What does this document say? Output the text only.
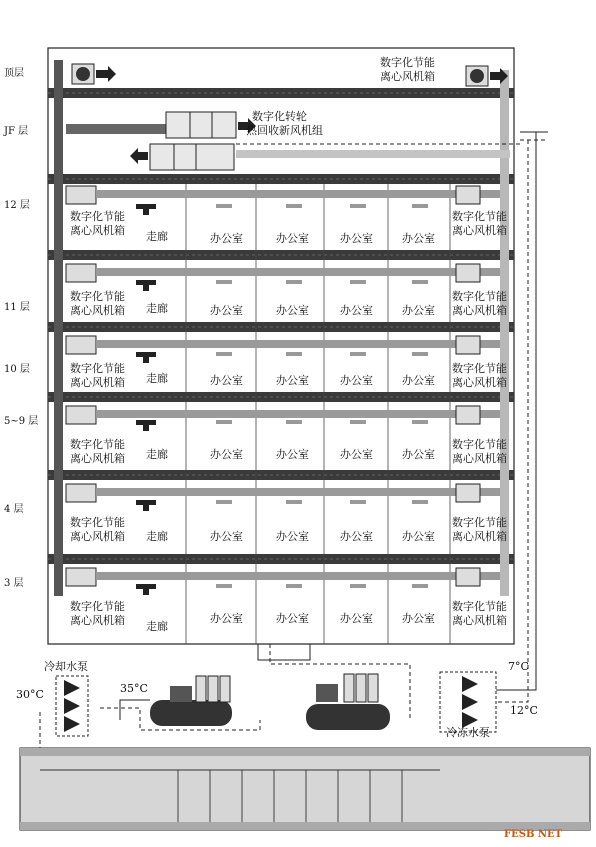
顶层
JF 层
12 层
11 层
10 层
5~9 层
4 层
3 层
数字化节能
离心风机箱
数字化转轮
热回收新风机组
数字化节能
离心风机箱 走廊	办公室	办公室	办公室	办公室
数字化节能
离心风机箱
数字化节能
离心风机箱 走廊	办公室	办公室	办公室	办公室
数字化节能
离心风机箱
数字化节能
离心风机箱 走廊	办公室	办公室	办公室	办公室
数字化节能
离心风机箱
数字化节能
离心风机箱 走廊	办公室	办公室	办公室	办公室
数字化节能
离心风机箱
数字化节能
离心风机箱 走廊	办公室	办公室	办公室	办公室
数字化节能
离心风机箱
数字化节能
离心风机箱 走廊
办公室	办公室	办公室	办公室
数字化节能
离心风机箱
冷却水泵
30°C	35°C
7°C
12°C
冷冻水泵
FESB NET
